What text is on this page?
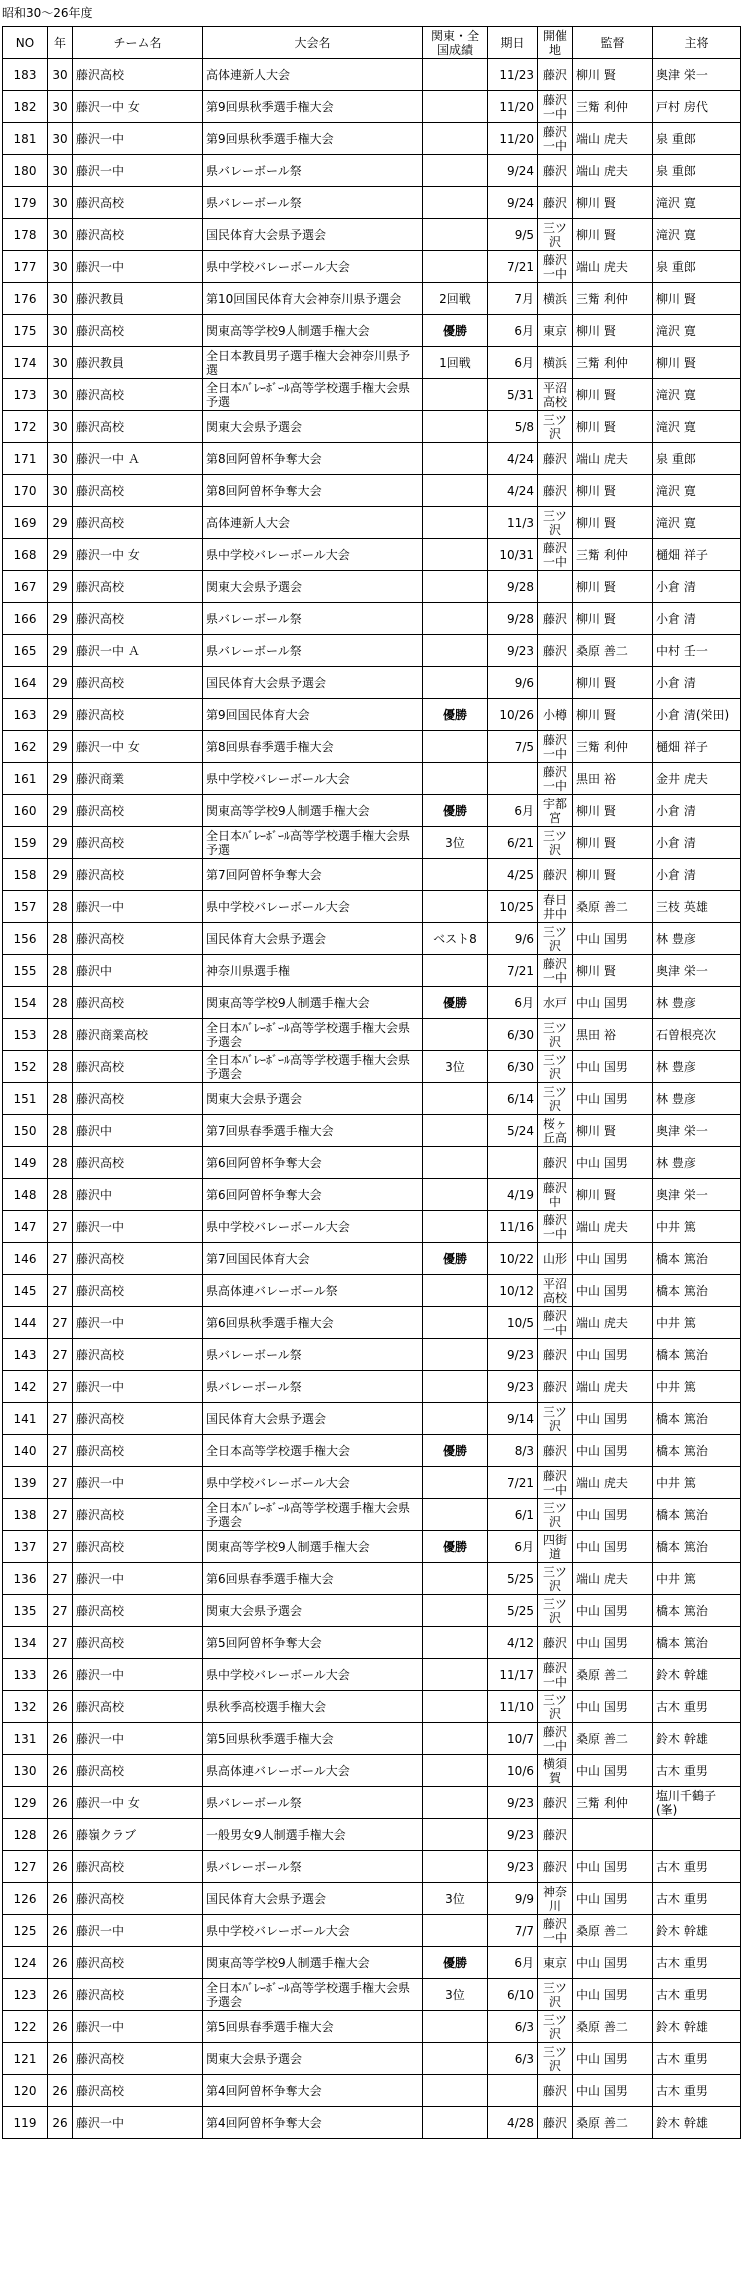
昭和30～26年度
NO	年	チーム名	大会名	関東・全国成績	期日	開催地	監督	主将
183	30	藤沢高校	高体連新人大会		11/23	藤沢	柳川 賢	奥津 栄一
182	30	藤沢一中 女	第9回県秋季選手権大会		11/20	藤沢一中	三觜 利仲	戸村 房代
181	30	藤沢一中	第9回県秋季選手権大会		11/20	藤沢一中	端山 虎夫	泉 重郎
180	30	藤沢一中	県バレーボール祭		9/24	藤沢	端山 虎夫	泉 重郎
179	30	藤沢高校	県バレーボール祭		9/24	藤沢	柳川 賢	滝沢 寛
178	30	藤沢高校	国民体育大会県予選会		9/5	三ツ沢	柳川 賢	滝沢 寛
177	30	藤沢一中	県中学校バレーボール大会		7/21	藤沢一中	端山 虎夫	泉 重郎
176	30	藤沢教員	第10回国民体育大会神奈川県予選会	2回戦	7月	横浜	三觜 利仲	柳川 賢
175	30	藤沢高校	関東高等学校9人制選手権大会	優勝	6月	東京	柳川 賢	滝沢 寛
174	30	藤沢教員	全日本教員男子選手権大会神奈川県予選	1回戦	6月	横浜	三觜 利仲	柳川 賢
173	30	藤沢高校	全日本ﾊﾞﾚｰﾎﾞｰﾙ高等学校選手権大会県予選		5/31	平沼高校	柳川 賢	滝沢 寛
172	30	藤沢高校	関東大会県予選会		5/8	三ツ沢	柳川 賢	滝沢 寛
171	30	藤沢一中 Ａ	第8回阿曽杯争奪大会		4/24	藤沢	端山 虎夫	泉 重郎
170	30	藤沢高校	第8回阿曽杯争奪大会		4/24	藤沢	柳川 賢	滝沢 寛
169	29	藤沢高校	高体連新人大会		11/3	三ツ沢	柳川 賢	滝沢 寛
168	29	藤沢一中 女	県中学校バレーボール大会		10/31	藤沢一中	三觜 利仲	樋畑 祥子
167	29	藤沢高校	関東大会県予選会		9/28		柳川 賢	小倉 清
166	29	藤沢高校	県バレーボール祭		9/28	藤沢	柳川 賢	小倉 清
165	29	藤沢一中 Ａ	県バレーボール祭		9/23	藤沢	桑原 善二	中村 壬一
164	29	藤沢高校	国民体育大会県予選会		9/6		柳川 賢	小倉 清
163	29	藤沢高校	第9回国民体育大会	優勝	10/26	小樽	柳川 賢	小倉 清(栄田)
162	29	藤沢一中 女	第8回県春季選手権大会		7/5	藤沢一中	三觜 利仲	樋畑 祥子
161	29	藤沢商業	県中学校バレーボール大会			藤沢一中	黒田 裕	金井 虎夫
160	29	藤沢高校	関東高等学校9人制選手権大会	優勝	6月	宇都宮	柳川 賢	小倉 清
159	29	藤沢高校	全日本ﾊﾞﾚｰﾎﾞｰﾙ高等学校選手権大会県予選	3位	6/21	三ツ沢	柳川 賢	小倉 清
158	29	藤沢高校	第7回阿曽杯争奪大会		4/25	藤沢	柳川 賢	小倉 清
157	28	藤沢一中	県中学校バレーボール大会		10/25	春日井中	桑原 善二	三枝 英雄
156	28	藤沢高校	国民体育大会県予選会	ベスト8	9/6	三ツ沢	中山 国男	林 豊彦
155	28	藤沢中	神奈川県選手権		7/21	藤沢一中	柳川 賢	奥津 栄一
154	28	藤沢高校	関東高等学校9人制選手権大会	優勝	6月	水戸	中山 国男	林 豊彦
153	28	藤沢商業高校	全日本ﾊﾞﾚｰﾎﾞｰﾙ高等学校選手権大会県予選会		6/30	三ツ沢	黒田 裕	石曽根亮次
152	28	藤沢高校	全日本ﾊﾞﾚｰﾎﾞｰﾙ高等学校選手権大会県予選会	3位	6/30	三ツ沢	中山 国男	林 豊彦
151	28	藤沢高校	関東大会県予選会		6/14	三ツ沢	中山 国男	林 豊彦
150	28	藤沢中	第7回県春季選手権大会		5/24	桜ヶ丘高	柳川 賢	奥津 栄一
149	28	藤沢高校	第6回阿曽杯争奪大会			藤沢	中山 国男	林 豊彦
148	28	藤沢中	第6回阿曽杯争奪大会		4/19	藤沢中	柳川 賢	奥津 栄一
147	27	藤沢一中	県中学校バレーボール大会		11/16	藤沢一中	端山 虎夫	中井 篤
146	27	藤沢高校	第7回国民体育大会	優勝	10/22	山形	中山 国男	橋本 篤治
145	27	藤沢高校	県高体連バレーボール祭		10/12	平沼高校	中山 国男	橋本 篤治
144	27	藤沢一中	第6回県秋季選手権大会		10/5	藤沢一中	端山 虎夫	中井 篤
143	27	藤沢高校	県バレーボール祭		9/23	藤沢	中山 国男	橋本 篤治
142	27	藤沢一中	県バレーボール祭		9/23	藤沢	端山 虎夫	中井 篤
141	27	藤沢高校	国民体育大会県予選会		9/14	三ツ沢	中山 国男	橋本 篤治
140	27	藤沢高校	全日本高等学校選手権大会	優勝	8/3	藤沢	中山 国男	橋本 篤治
139	27	藤沢一中	県中学校バレーボール大会		7/21	藤沢一中	端山 虎夫	中井 篤
138	27	藤沢高校	全日本ﾊﾞﾚｰﾎﾞｰﾙ高等学校選手権大会県予選会		6/1	三ツ沢	中山 国男	橋本 篤治
137	27	藤沢高校	関東高等学校9人制選手権大会	優勝	6月	四街道	中山 国男	橋本 篤治
136	27	藤沢一中	第6回県春季選手権大会		5/25	三ツ沢	端山 虎夫	中井 篤
135	27	藤沢高校	関東大会県予選会		5/25	三ツ沢	中山 国男	橋本 篤治
134	27	藤沢高校	第5回阿曽杯争奪大会		4/12	藤沢	中山 国男	橋本 篤治
133	26	藤沢一中	県中学校バレーボール大会		11/17	藤沢一中	桑原 善二	鈴木 幹雄
132	26	藤沢高校	県秋季高校選手権大会		11/10	三ツ沢	中山 国男	古木 重男
131	26	藤沢一中	第5回県秋季選手権大会		10/7	藤沢一中	桑原 善二	鈴木 幹雄
130	26	藤沢高校	県高体連バレーボール大会		10/6	横須賀	中山 国男	古木 重男
129	26	藤沢一中 女	県バレーボール祭		9/23	藤沢	三觜 利仲	塩川千鶴子(峯)
128	26	藤嶺クラブ	一般男女9人制選手権大会		9/23	藤沢		
127	26	藤沢高校	県バレーボール祭		9/23	藤沢	中山 国男	古木 重男
126	26	藤沢高校	国民体育大会県予選会	3位	9/9	神奈川	中山 国男	古木 重男
125	26	藤沢一中	県中学校バレーボール大会		7/7	藤沢一中	桑原 善二	鈴木 幹雄
124	26	藤沢高校	関東高等学校9人制選手権大会	優勝	6月	東京	中山 国男	古木 重男
123	26	藤沢高校	全日本ﾊﾞﾚｰﾎﾞｰﾙ高等学校選手権大会県予選会	3位	6/10	三ツ沢	中山 国男	古木 重男
122	26	藤沢一中	第5回県春季選手権大会		6/3	三ツ沢	桑原 善二	鈴木 幹雄
121	26	藤沢高校	関東大会県予選会		6/3	三ツ沢	中山 国男	古木 重男
120	26	藤沢高校	第4回阿曽杯争奪大会			藤沢	中山 国男	古木 重男
119	26	藤沢一中	第4回阿曽杯争奪大会		4/28	藤沢	桑原 善二	鈴木 幹雄
